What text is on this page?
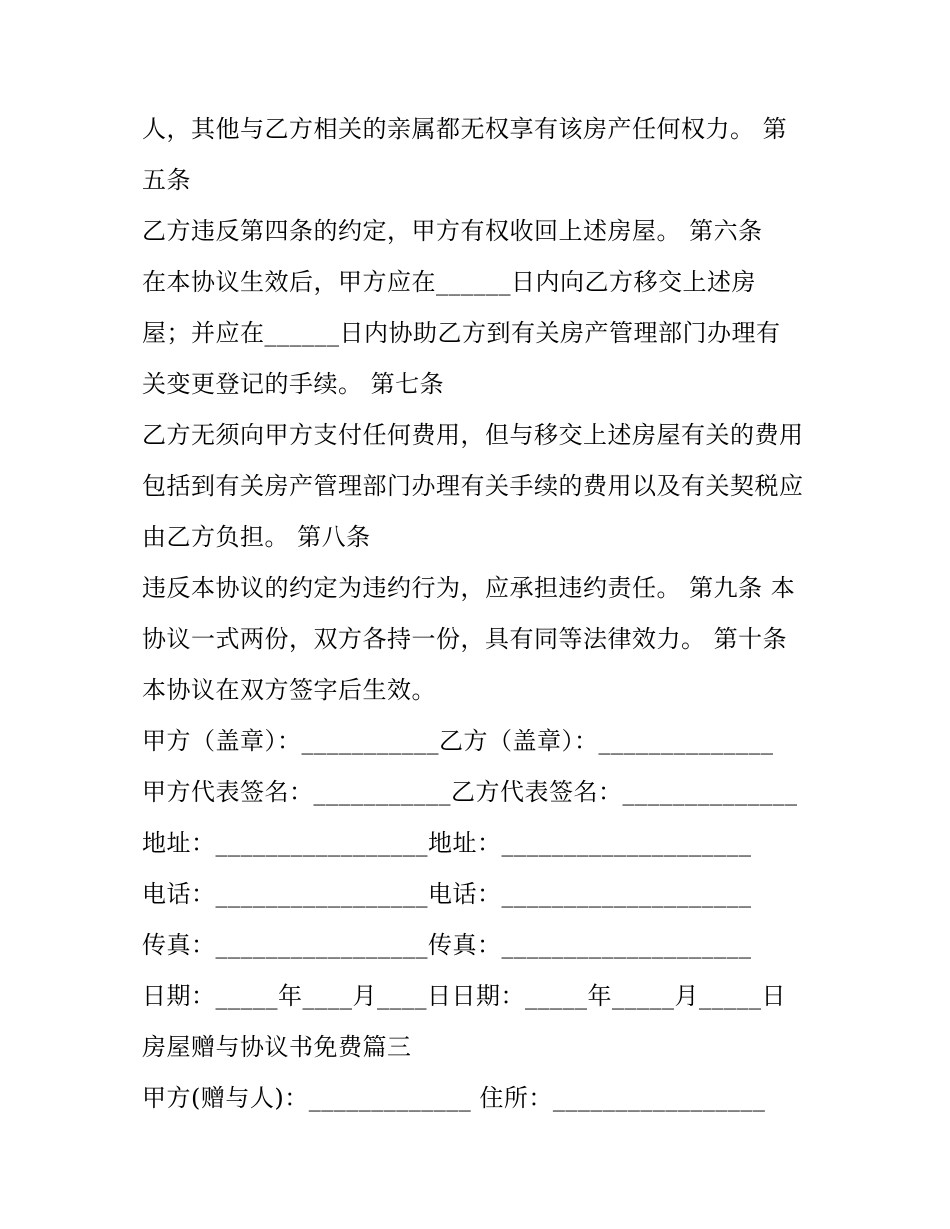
人，其他与乙方相关的亲属都无权享有该房产任何权力。 第
五条
乙方违反第四条的约定，甲方有权收回上述房屋。 第六条
在本协议生效后，甲方应在______日内向乙方移交上述房
屋；并应在______日内协助乙方到有关房产管理部门办理有
关变更登记的手续。 第七条
乙方无须向甲方支付任何费用，但与移交上述房屋有关的费用
包括到有关房产管理部门办理有关手续的费用以及有关契税应
由乙方负担。 第八条
违反本协议的约定为违约行为，应承担违约责任。 第九条 本
协议一式两份，双方各持一份，具有同等法律效力。 第十条
本协议在双方签字后生效。
甲方（盖章）：___________乙方（盖章）：______________
甲方代表签名：___________乙方代表签名：______________
地址：_________________地址：____________________
电话：_________________电话：____________________
传真：_________________传真：____________________
日期：_____年____月____日日期：_____年_____月_____日
房屋赠与协议书免费篇三
甲方(赠与人)：_____________ 住所：_________________
